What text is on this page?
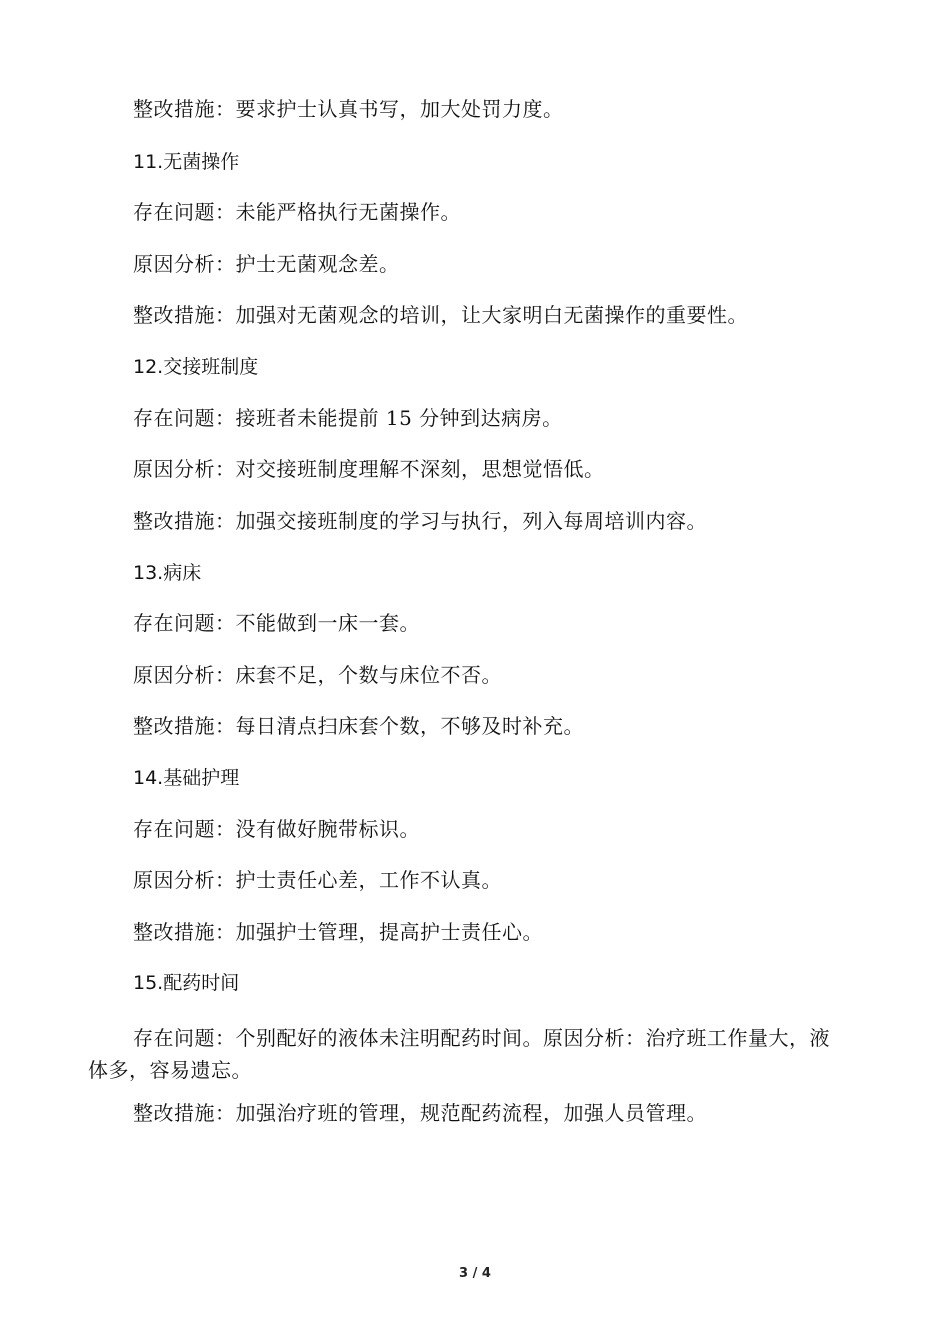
整改措施：要求护士认真书写，加大处罚力度。
11.无菌操作
存在问题：未能严格执行无菌操作。
原因分析：护士无菌观念差。
整改措施：加强对无菌观念的培训，让大家明白无菌操作的重要性。
12.交接班制度
存在问题：接班者未能提前 15 分钟到达病房。
原因分析：对交接班制度理解不深刻，思想觉悟低。
整改措施：加强交接班制度的学习与执行，列入每周培训内容。
13.病床
存在问题：不能做到一床一套。
原因分析：床套不足，个数与床位不否。
整改措施：每日清点扫床套个数，不够及时补充。
14.基础护理
存在问题：没有做好腕带标识。
原因分析：护士责任心差，工作不认真。
整改措施：加强护士管理，提高护士责任心。
15.配药时间
存在问题：个别配好的液体未注明配药时间。原因分析：治疗班工作量大，液体多，容易遗忘。
整改措施：加强治疗班的管理，规范配药流程，加强人员管理。
3 / 4
